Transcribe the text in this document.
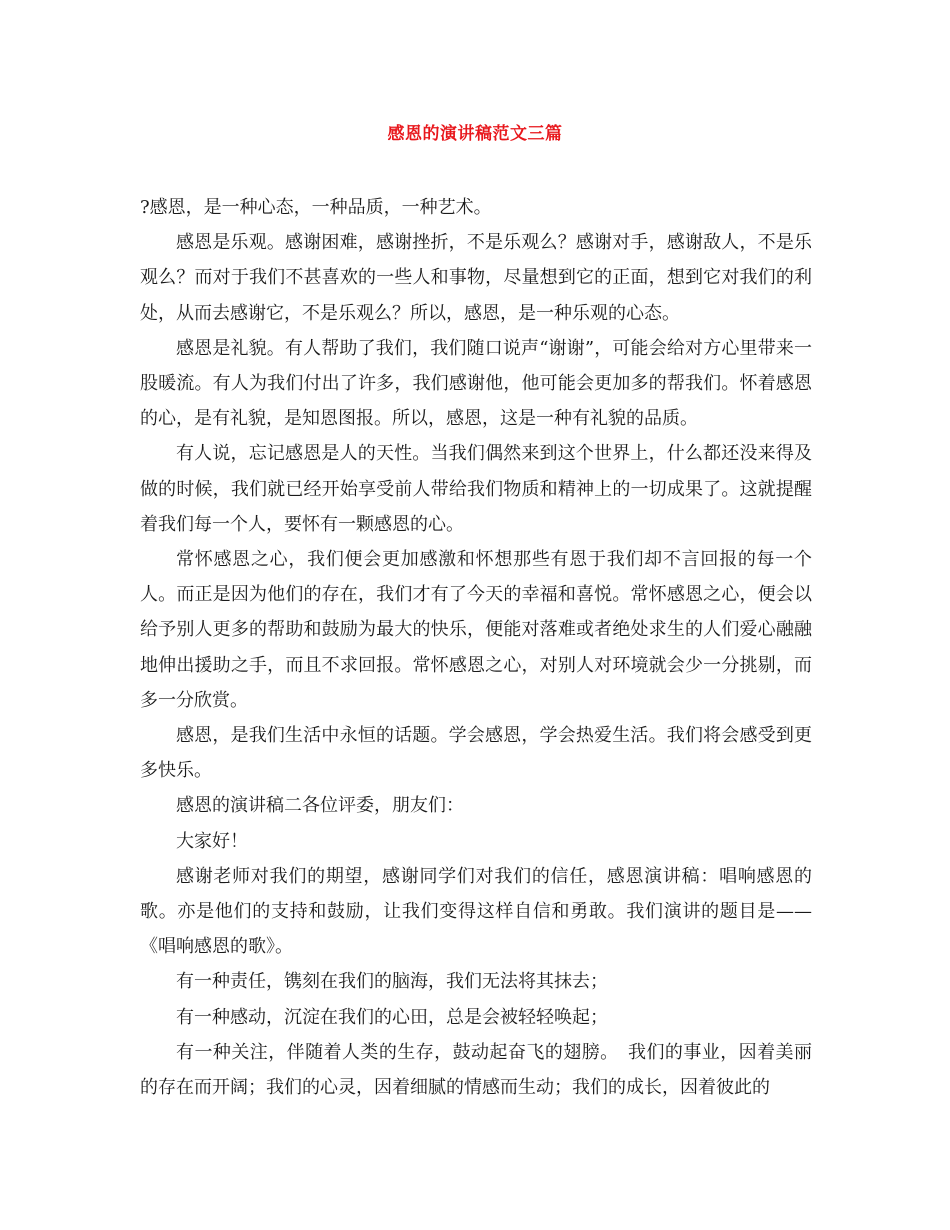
感恩的演讲稿范文三篇

?感恩，是一种心态，一种品质，一种艺术。

感恩是乐观。感谢困难，感谢挫折，不是乐观么？感谢对手，感谢敌人，不是乐观么？而对于我们不甚喜欢的一些人和事物，尽量想到它的正面，想到它对我们的利处，从而去感谢它，不是乐观么？所以，感恩，是一种乐观的心态。

感恩是礼貌。有人帮助了我们，我们随口说声“谢谢”，可能会给对方心里带来一股暖流。有人为我们付出了许多，我们感谢他，他可能会更加多的帮我们。怀着感恩的心，是有礼貌，是知恩图报。所以，感恩，这是一种有礼貌的品质。

有人说，忘记感恩是人的天性。当我们偶然来到这个世界上，什么都还没来得及做的时候，我们就已经开始享受前人带给我们物质和精神上的一切成果了。这就提醒着我们每一个人，要怀有一颗感恩的心。

常怀感恩之心，我们便会更加感激和怀想那些有恩于我们却不言回报的每一个人。而正是因为他们的存在，我们才有了今天的幸福和喜悦。常怀感恩之心，便会以给予别人更多的帮助和鼓励为最大的快乐，便能对落难或者绝处求生的人们爱心融融地伸出援助之手，而且不求回报。常怀感恩之心，对别人对环境就会少一分挑剔，而多一分欣赏。

感恩，是我们生活中永恒的话题。学会感恩，学会热爱生活。我们将会感受到更多快乐。

感恩的演讲稿二各位评委，朋友们：

大家好！

感谢老师对我们的期望，感谢同学们对我们的信任，感恩演讲稿：唱响感恩的歌。亦是他们的支持和鼓励，让我们变得这样自信和勇敢。我们演讲的题目是——《唱响感恩的歌》。

有一种责任，镌刻在我们的脑海，我们无法将其抹去；

有一种感动，沉淀在我们的心田，总是会被轻轻唤起；

有一种关注，伴随着人类的生存，鼓动起奋飞的翅膀。　我们的事业，因着美丽的存在而开阔；我们的心灵，因着细腻的情感而生动；我们的成长，因着彼此的
